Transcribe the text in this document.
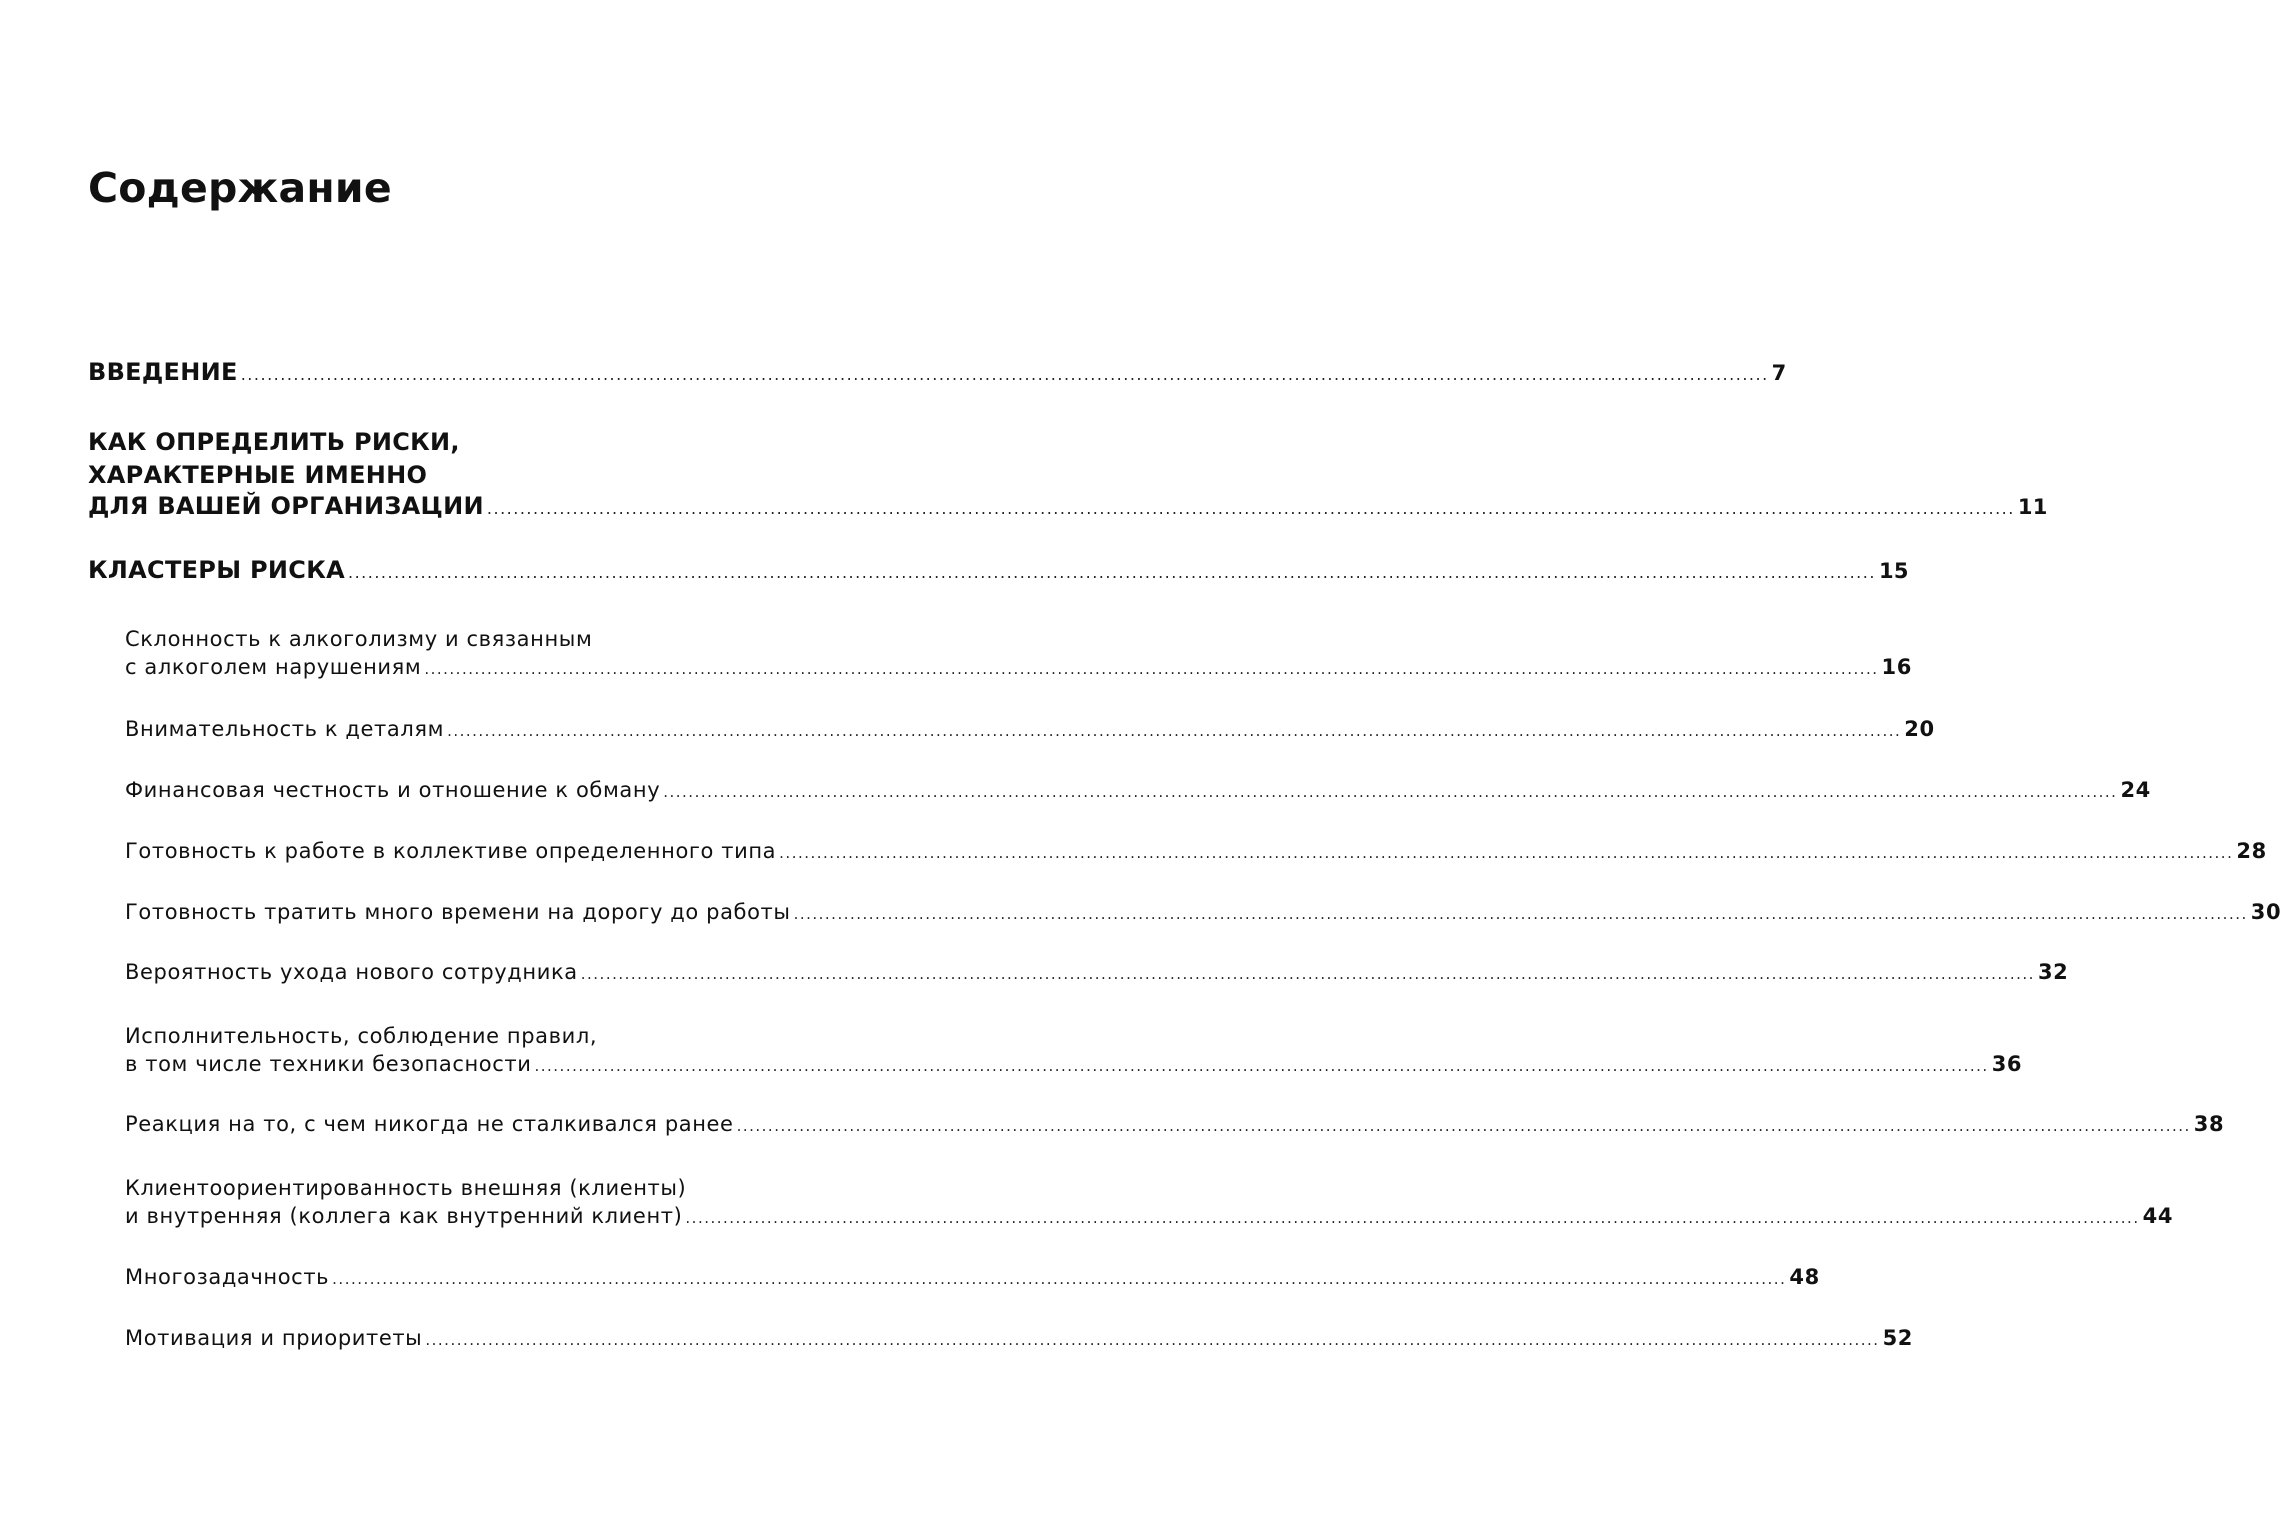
Содержание
ВВЕДЕНИЕ ........................................................................................................................................................................................................................................ 7
КАК ОПРЕДЕЛИТЬ РИСКИ,
ХАРАКТЕРНЫЕ ИМЕННО
ДЛЯ ВАШЕЙ ОРГАНИЗАЦИИ ........................................................................................................................................................................................................................................ 11
КЛАСТЕРЫ РИСКА ........................................................................................................................................................................................................................................ 15
Склонность к алкоголизму и связанным
с алкоголем нарушениям ........................................................................................................................................................................................................................................ 16
Внимательность к деталям ........................................................................................................................................................................................................................................ 20
Финансовая честность и отношение к обману ........................................................................................................................................................................................................................................ 24
Готовность к работе в коллективе определенного типа ........................................................................................................................................................................................................................................ 28
Готовность тратить много времени на дорогу до работы ........................................................................................................................................................................................................................................ 30
Вероятность ухода нового сотрудника ........................................................................................................................................................................................................................................ 32
Исполнительность, соблюдение правил,
в том числе техники безопасности ........................................................................................................................................................................................................................................ 36
Реакция на то, с чем никогда не сталкивался ранее ........................................................................................................................................................................................................................................ 38
Клиентоориентированность внешняя (клиенты)
и внутренняя (коллега как внутренний клиент) ........................................................................................................................................................................................................................................ 44
Многозадачность ........................................................................................................................................................................................................................................ 48
Мотивация и приоритеты ........................................................................................................................................................................................................................................ 52
